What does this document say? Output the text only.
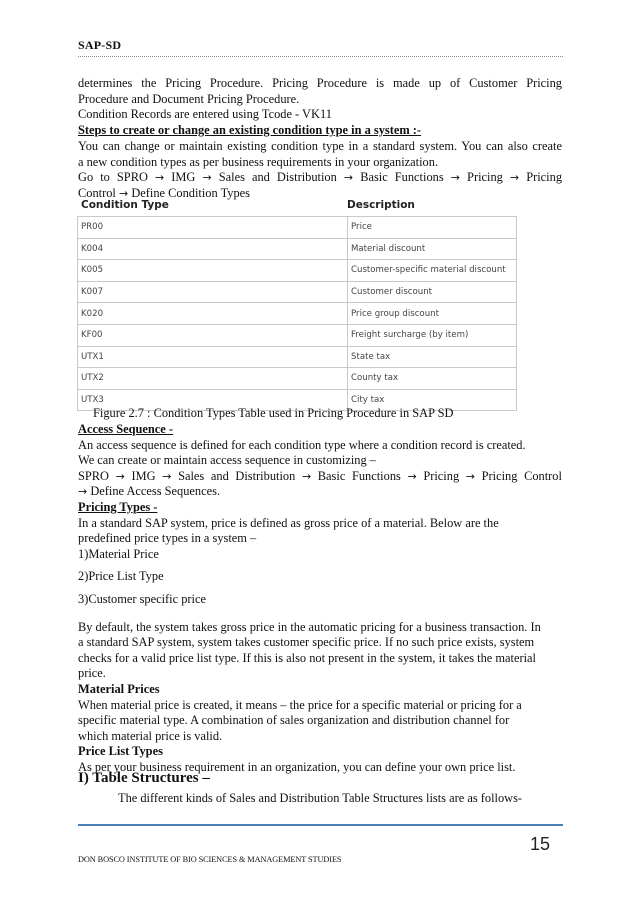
SAP-SD

determines the Pricing Procedure. Pricing Procedure is made up of Customer Pricing

Procedure and Document Pricing Procedure.

Condition Records are entered using Tcode - VK11

Steps to create or change an existing condition type in a system :-

You can change or maintain existing condition type in a standard system. You can also create

a new condition types as per business requirements in your organization.

Go to SPRO → IMG → Sales and Distribution → Basic Functions → Pricing → Pricing

Control → Define Condition Types

Condition Type	Description
PR00	Price
K004	Material discount
K005	Customer-specific material discount
K007	Customer discount
K020	Price group discount
KF00	Freight surcharge (by item)
UTX1	State tax
UTX2	County tax
UTX3	City tax
Figure 2.7 : Condition Types Table used in Pricing Procedure in SAP SD

Access Sequence -

An access sequence is defined for each condition type where a condition record is created.

We can create or maintain access sequence in customizing –

SPRO → IMG → Sales and Distribution → Basic Functions → Pricing → Pricing Control

→ Define Access Sequences.

Pricing Types -

In a standard SAP system, price is defined as gross price of a material. Below are the

predefined price types in a system –

1)Material Price

2)Price List Type

3)Customer specific price

By default, the system takes gross price in the automatic pricing for a business transaction. In

a standard SAP system, system takes customer specific price. If no such price exists, system

checks for a valid price list type. If this is also not present in the system, it takes the material

price.

Material Prices

When material price is created, it means – the price for a specific material or pricing for a

specific material type. A combination of sales organization and distribution channel for

which material price is valid.

Price List Types

As per your business requirement in an organization, you can define your own price list.

I) Table Structures –
The different kinds of Sales and Distribution Table Structures lists are as follows-
15
DON BOSCO INSTITUTE OF BIO SCIENCES & MANAGEMENT STUDIES
